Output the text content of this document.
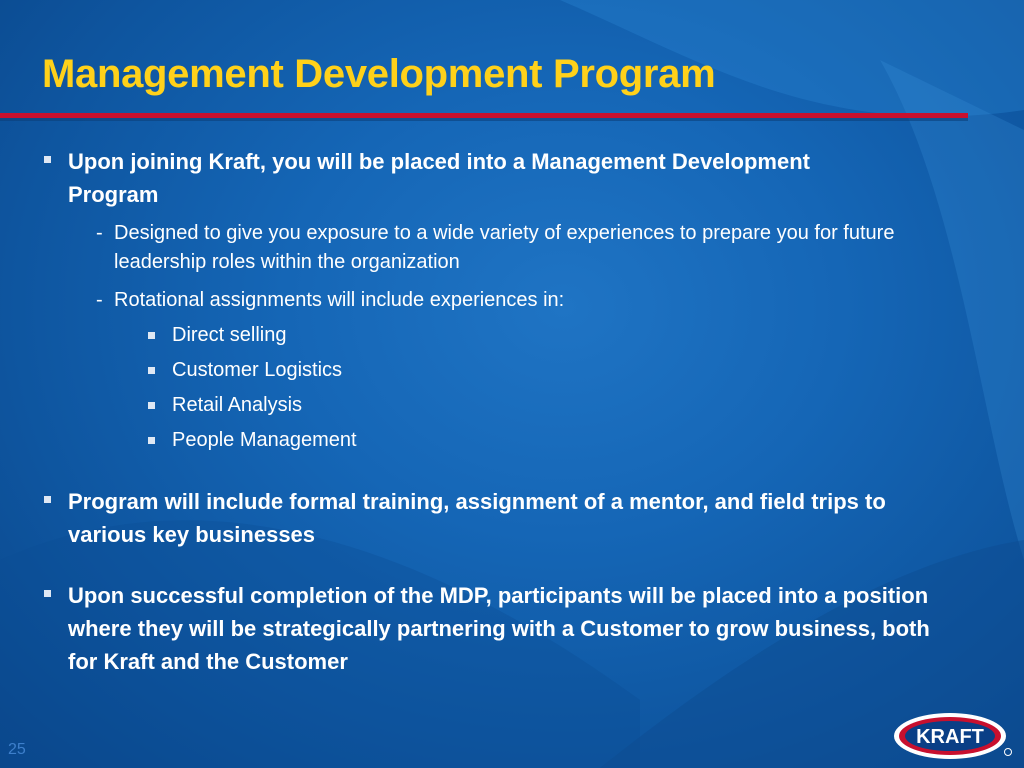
Management Development Program
Upon joining Kraft, you will be placed into a Management Development Program
- Designed to give you exposure to a wide variety of experiences to prepare you for future leadership roles within the organization
- Rotational assignments will include experiences in:
Direct selling
Customer Logistics
Retail Analysis
People Management
Program will include formal training, assignment of a mentor, and field trips to various key businesses
Upon successful completion of the MDP, participants will be placed into a position where they will be strategically partnering with a Customer to grow business, both for Kraft and the Customer
25
KRAFT
